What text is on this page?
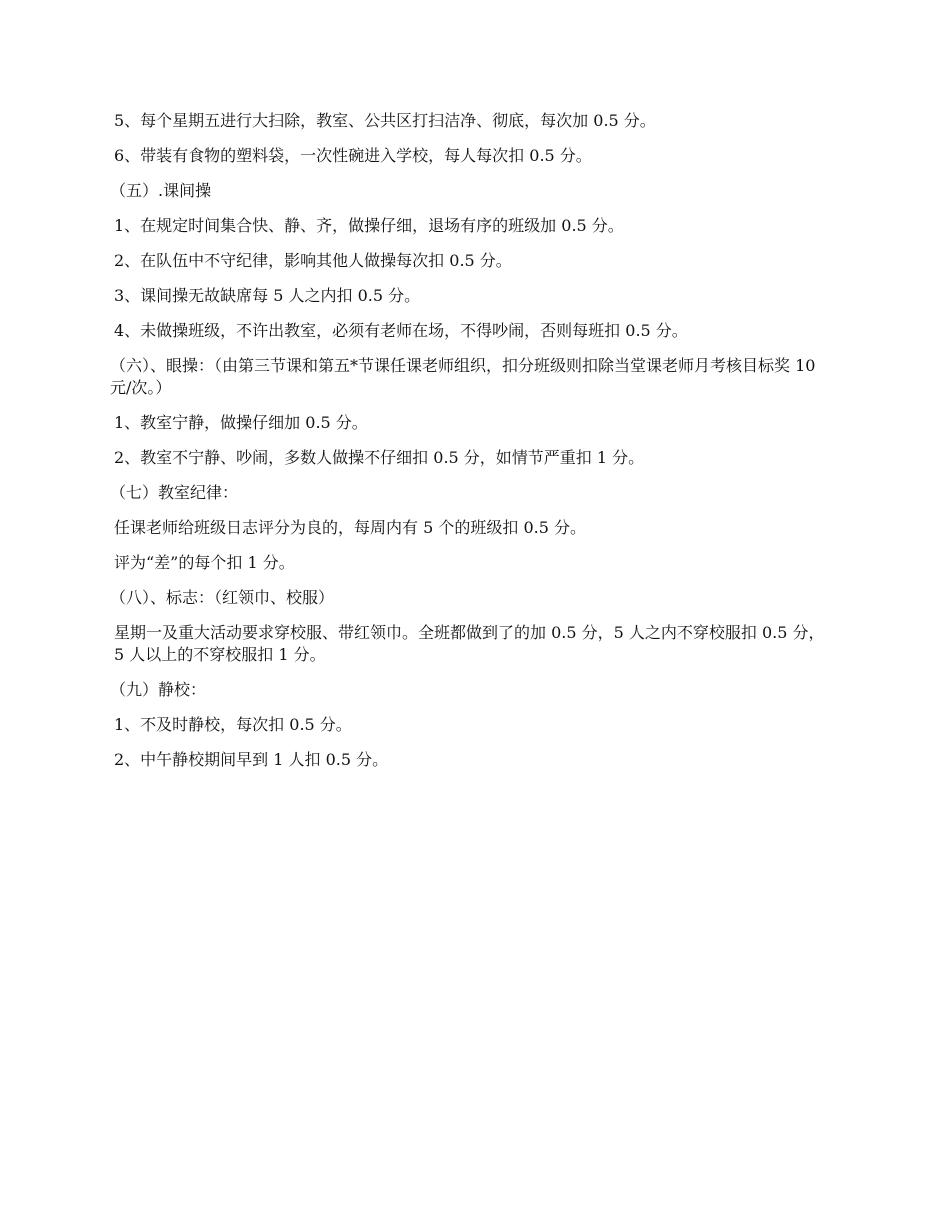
5、每个星期五进行大扫除，教室、公共区打扫洁净、彻底，每次加 0.5 分。

6、带装有食物的塑料袋，一次性碗进入学校，每人每次扣 0.5 分。

（五）.课间操

1、在规定时间集合快、静、齐，做操仔细，退场有序的班级加 0.5 分。

2、在队伍中不守纪律，影响其他人做操每次扣 0.5 分。

3、课间操无故缺席每 5 人之内扣 0.5 分。

4、未做操班级，不许出教室，必须有老师在场，不得吵闹，否则每班扣 0.5 分。

（六）、眼操：（由第三节课和第五*节课任课老师组织，扣分班级则扣除当堂课老师月考核目标奖 10 元/次。）

1、教室宁静，做操仔细加 0.5 分。

2、教室不宁静、吵闹，多数人做操不仔细扣 0.5 分，如情节严重扣 1 分。

（七）教室纪律：

任课老师给班级日志评分为良的，每周内有 5 个的班级扣 0.5 分。

评为“差”的每个扣 1 分。

（八）、标志：（红领巾、校服）

星期一及重大活动要求穿校服、带红领巾。全班都做到了的加 0.5 分，5 人之内不穿校服扣 0.5 分，5 人以上的不穿校服扣 1 分。

（九）静校：

1、不及时静校，每次扣 0.5 分。

2、中午静校期间早到 1 人扣 0.5 分。
